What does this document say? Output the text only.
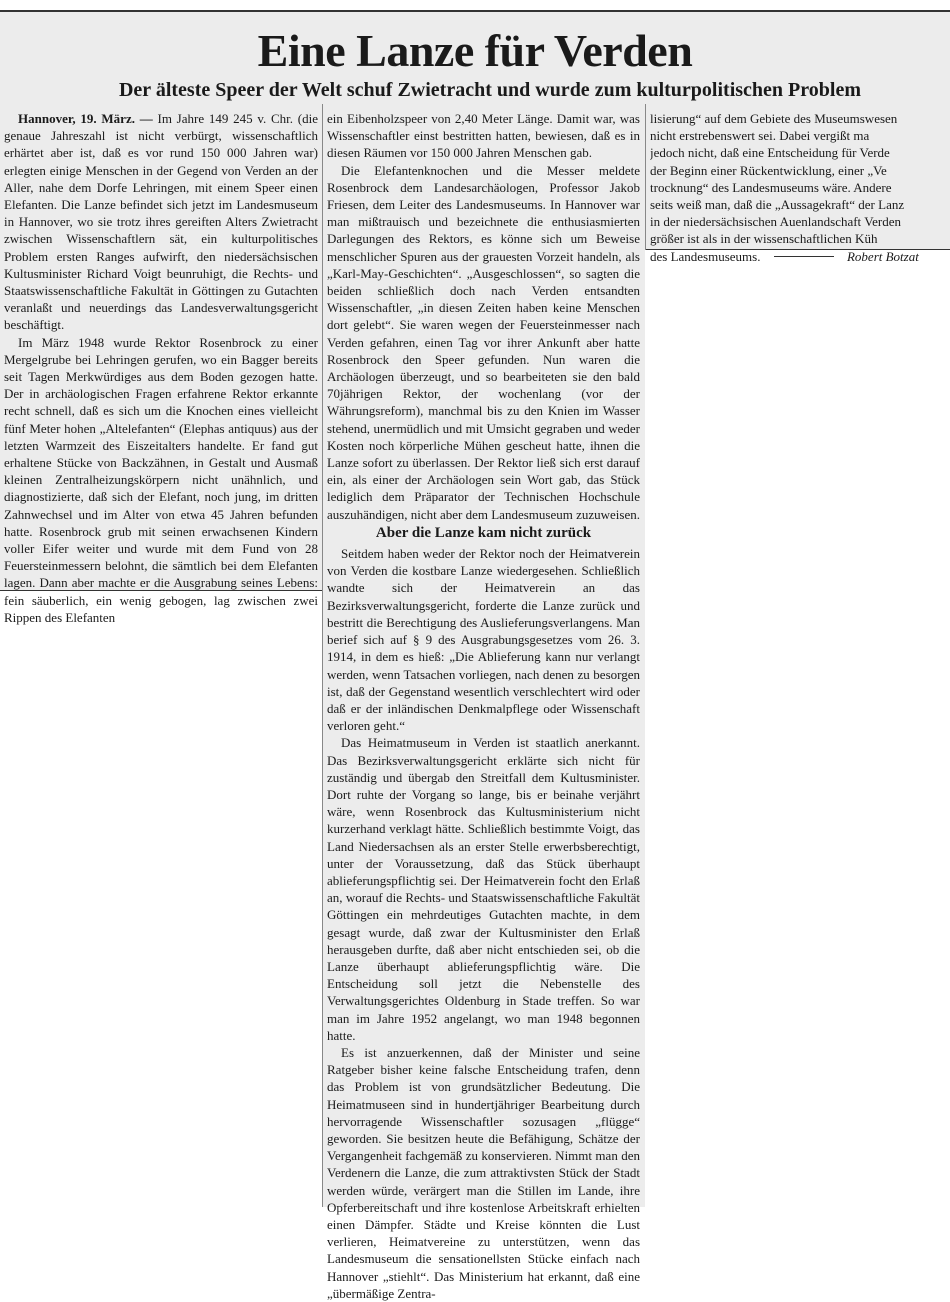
Eine Lanze für Verden
Der älteste Speer der Welt schuf Zwietracht und wurde zum kulturpolitischen Problem

Hannover, 19. März. — Im Jahre 149 245 v. Chr. (die genaue Jahreszahl ist nicht verbürgt, wissenschaftlich erhärtet aber ist, daß es vor rund 150 000 Jahren war) erlegten einige Menschen in der Gegend von Verden an der Aller, nahe dem Dorfe Lehringen, mit einem Speer einen Elefanten. Die Lanze befindet sich jetzt im Landesmuseum in Hannover, wo sie trotz ihres gereiften Alters Zwietracht zwischen Wissenschaftlern sät, ein kulturpolitisches Problem ersten Ranges aufwirft, den niedersächsischen Kultusminister Richard Voigt beunruhigt, die Rechts- und Staatswissenschaftliche Fakultät in Göttingen zu Gutachten veranlaßt und neuerdings das Landesverwaltungsgericht beschäftigt.

Im März 1948 wurde Rektor Rosenbrock zu einer Mergelgrube bei Lehringen gerufen, wo ein Bagger bereits seit Tagen Merkwürdiges aus dem Boden gezogen hatte. Der in archäologischen Fragen erfahrene Rektor erkannte recht schnell, daß es sich um die Knochen eines vielleicht fünf Meter hohen „Altelefanten“ (Elephas antiquus) aus der letzten Warmzeit des Eiszeitalters handelte. Er fand gut erhaltene Stücke von Backzähnen, in Gestalt und Ausmaß kleinen Zentralheizungskörpern nicht unähnlich, und diagnostizierte, daß sich der Elefant, noch jung, im dritten Zahnwechsel und im Alter von etwa 45 Jahren befunden hatte. Rosenbrock grub mit seinen erwachsenen Kindern voller Eifer weiter und wurde mit dem Fund von 28 Feuersteinmessern belohnt, die sämtlich bei dem Elefanten lagen. Dann aber machte er die Ausgrabung seines Lebens: fein säuberlich, ein wenig gebogen, lag zwischen zwei Rippen des Elefanten

ein Eibenholzspeer von 2,40 Meter Länge. Damit war, was Wissenschaftler einst bestritten hatten, bewiesen, daß es in diesen Räumen vor 150 000 Jahren Menschen gab.

Die Elefantenknochen und die Messer meldete Rosenbrock dem Landesarchäologen, Professor Jakob Friesen, dem Leiter des Landesmuseums. In Hannover war man mißtrauisch und bezeichnete die enthusiasmierten Darlegungen des Rektors, es könne sich um Beweise menschlicher Spuren aus der grauesten Vorzeit handeln, als „Karl-May-Geschichten“. „Ausgeschlossen“, so sagten die beiden schließlich doch nach Verden entsandten Wissenschaftler, „in diesen Zeiten haben keine Menschen dort gelebt“. Sie waren wegen der Feuersteinmesser nach Verden gefahren, einen Tag vor ihrer Ankunft aber hatte Rosenbrock den Speer gefunden. Nun waren die Archäologen überzeugt, und so bearbeiteten sie den bald 70jährigen Rektor, der wochenlang (vor der Währungsreform), manchmal bis zu den Knien im Wasser stehend, unermüdlich und mit Umsicht gegraben und weder Kosten noch körperliche Mühen gescheut hatte, ihnen die Lanze sofort zu überlassen. Der Rektor ließ sich erst darauf ein, als einer der Archäologen sein Wort gab, das Stück lediglich dem Präparator der Technischen Hochschule auszuhändigen, nicht aber dem Landesmuseum zuzuweisen.

Aber die Lanze kam nicht zurück

Seitdem haben weder der Rektor noch der Heimatverein von Verden die kostbare Lanze wiedergesehen. Schließlich wandte sich der Heimatverein an das Bezirksverwaltungsgericht, forderte die Lanze zurück und bestritt die Berechtigung des Auslieferungsverlangens. Man berief sich auf § 9 des Ausgrabungsgesetzes vom 26. 3. 1914, in dem es hieß: „Die Ablieferung kann nur verlangt werden, wenn Tatsachen vorliegen, nach denen zu besorgen ist, daß der Gegenstand wesentlich verschlechtert wird oder daß er der inländischen Denkmalpflege oder Wissenschaft verloren geht.“

Das Heimatmuseum in Verden ist staatlich anerkannt. Das Bezirksverwaltungsgericht erklärte sich nicht für zuständig und übergab den Streitfall dem Kultusminister. Dort ruhte der Vorgang so lange, bis er beinahe verjährt wäre, wenn Rosenbrock das Kultusministerium nicht kurzerhand verklagt hätte. Schließlich bestimmte Voigt, das Land Niedersachsen als an erster Stelle erwerbsberechtigt, unter der Voraussetzung, daß das Stück überhaupt ablieferungspflichtig sei. Der Heimatverein focht den Erlaß an, worauf die Rechts- und Staatswissenschaftliche Fakultät Göttingen ein mehrdeutiges Gutachten machte, in dem gesagt wurde, daß zwar der Kultusminister den Erlaß herausgeben durfte, daß aber nicht entschieden sei, ob die Lanze überhaupt ablieferungspflichtig wäre. Die Entscheidung soll jetzt die Nebenstelle des Verwaltungsgerichtes Oldenburg in Stade treffen. So war man im Jahre 1952 angelangt, wo man 1948 begonnen hatte.

Es ist anzuerkennen, daß der Minister und seine Ratgeber bisher keine falsche Entscheidung trafen, denn das Problem ist von grundsätzlicher Bedeutung. Die Heimatmuseen sind in hundertjähriger Bearbeitung durch hervorragende Wissenschaftler sozusagen „flügge“ geworden. Sie besitzen heute die Befähigung, Schätze der Vergangenheit fachgemäß zu konservieren. Nimmt man den Verdenern die Lanze, die zum attraktivsten Stück der Stadt werden würde, verärgert man die Stillen im Lande, ihre Opferbereitschaft und ihre kostenlose Arbeitskraft erhielten einen Dämpfer. Städte und Kreise könnten die Lust verlieren, Heimatvereine zu unterstützen, wenn das Landesmuseum die sensationellsten Stücke einfach nach Hannover „stiehlt“. Das Ministerium hat erkannt, daß eine „übermäßige Zentra-

lisierung“ auf dem Gebiete des Museumswesen
nicht erstrebenswert sei. Dabei vergißt ma
jedoch nicht, daß eine Entscheidung für Verde
der Beginn einer Rückentwicklung, einer „Ve
trocknung“ des Landesmuseums wäre. Andere
seits weiß man, daß die „Aussagekraft“ der Lanz
in der niedersächsischen Auenlandschaft Verden
größer ist als in der wissenschaftlichen Küh
des Landesmuseums.	Robert Botzat
